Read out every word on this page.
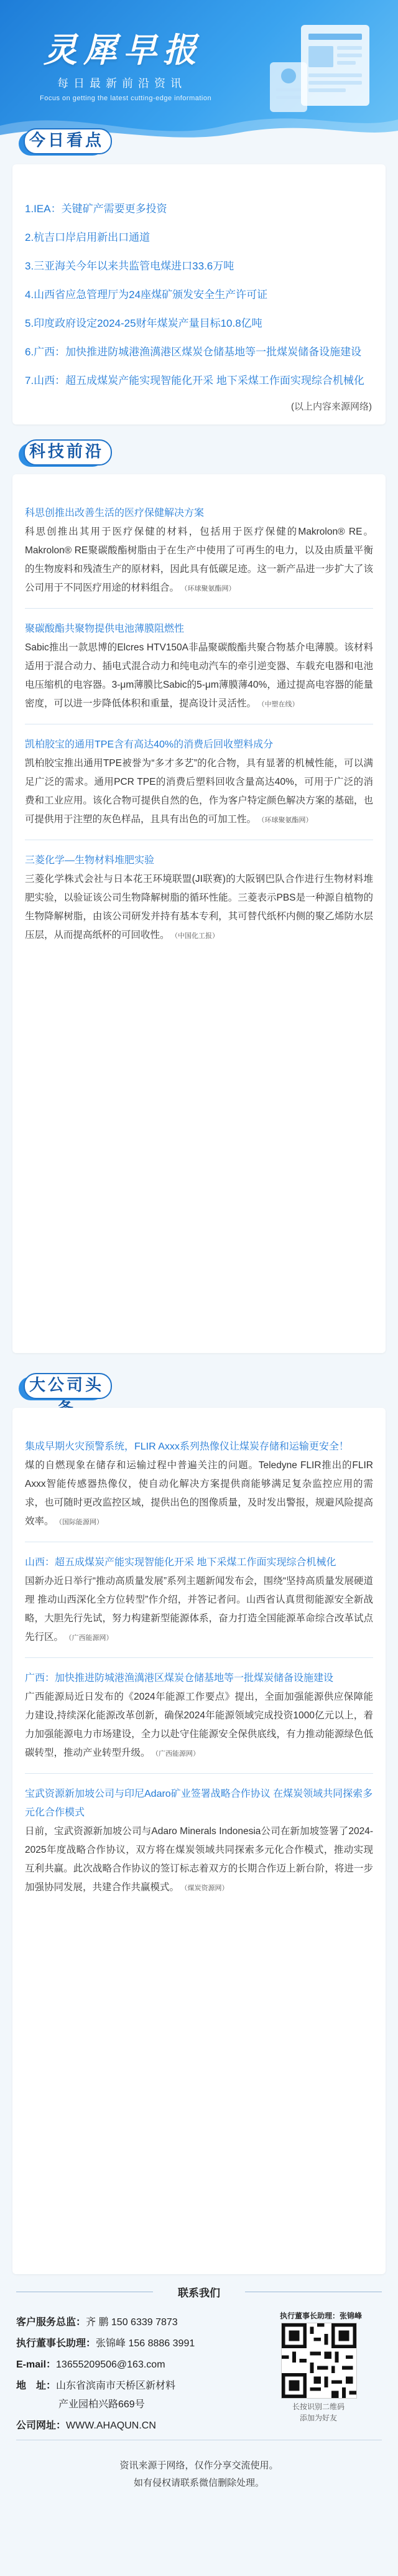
灵犀早报
每日最新前沿资讯
Focus on getting the latest cutting-edge information
今日看点
1.IEA：关键矿产需要更多投资
2.杭吉口岸启用新出口通道
3.三亚海关今年以来共监管电煤进口33.6万吨
4.山西省应急管理厅为24座煤矿颁发安全生产许可证
5.印度政府设定2024-25财年煤炭产量目标10.8亿吨
6.广西：加快推进防城港渔澫港区煤炭仓储基地等一批煤炭储备设施建设
7.山西：超五成煤炭产能实现智能化开采 地下采煤工作面实现综合机械化
(以上内容来源网络)
科技前沿
科思创推出改善生活的医疗保健解决方案
科思创推出其用于医疗保健的材料，包括用于医疗保健的Makrolon® RE。Makrolon® RE聚碳酸酯树脂由于在生产中使用了可再生的电力，以及由质量平衡的生物废料和残渣生产的原材料，因此具有低碳足迹。这一新产品进一步扩大了该公司用于不同医疗用途的材料组合。 （环球聚氨酯网）
聚碳酸酯共聚物提供电池薄膜阻燃性
Sabic推出一款思博的Elcres HTV150A非晶聚碳酸酯共聚合物基介电薄膜。该材料适用于混合动力、插电式混合动力和纯电动汽车的牵引逆变器、车载充电器和电池电压缩机的电容器。3-μm薄膜比Sabic的5-μm薄膜薄40%，通过提高电容器的能量密度，可以进一步降低体积和重量，提高设计灵活性。 （中塑在线）
凯柏胶宝的通用TPE含有高达40%的消费后回收塑料成分
凯柏胶宝推出通用TPE被誉为“多才多艺”的化合物，具有显著的机械性能，可以满足广泛的需求。通用PCR TPE的消费后塑料回收含量高达40%，可用于广泛的消费和工业应用。该化合物可提供自然的色，作为客户特定颜色解决方案的基础，也可提供用于注塑的灰色样品，且具有出色的可加工性。 （环球聚氨酯网）
三菱化学—生物材料堆肥实验
三菱化学株式会社与日本花王环境联盟(JI联赛)的大阪钢巴队合作进行生物材料堆肥实验，以验证该公司生物降解树脂的循环性能。三菱表示PBS是一种源自植物的生物降解树脂，由该公司研发并持有基本专利，其可替代纸杯内侧的聚乙烯防水层压层，从而提高纸杯的可回收性。 （中国化工报）
大公司头
集成早期火灾预警系统，FLIR Axxx系列热像仪让煤炭存储和运输更安全！
煤的自燃现象在储存和运输过程中普遍关注的问题。Teledyne FLIR推出的FLIR Axxx智能传感器热像仪，使自动化解决方案提供商能够满足复杂监控应用的需求，也可随时更改监控区域，提供出色的图像质量，及时发出警报，规避风险提高效率。 （国际能源网）
山西：超五成煤炭产能实现智能化开采 地下采煤工作面实现综合机械化
国新办近日举行“推动高质量发展”系列主题新闻发布会，围绕“坚持高质量发展硬道理 推动山西深化全方位转型”作介绍，并答记者问。山西省认真贯彻能源安全新战略，大胆先行先试，努力构建新型能源体系，奋力打造全国能源革命综合改革试点先行区。 （广西能源网）
广西：加快推进防城港渔澫港区煤炭仓储基地等一批煤炭储备设施建设
广西能源局近日发布的《2024年能源工作要点》提出，全面加强能源供应保障能力建设,持续深化能源改革创新，确保2024年能源领域完成投资1000亿元以上，着力加强能源电力市场建设，全力以赴守住能源安全保供底线，有力推动能源绿色低碳转型，推动产业转型升级。 （广西能源网）
宝武资源新加坡公司与印尼Adaro矿业签署战略合作协议 在煤炭领域共同探索多元化合作模式
日前，宝武资源新加坡公司与Adaro Minerals Indonesia公司在新加坡签署了2024-2025年度战略合作协议，双方将在煤炭领域共同探索多元化合作模式，推动实现互利共赢。此次战略合作协议的签订标志着双方的长期合作迈上新台阶，将进一步加强协同发展，共建合作共赢模式。 （煤炭资源网）
联系我们
客户服务总监：齐 鹏 150 6339 7873
执行董事长助理：张锦峰 156 8886 3991
E-mail：13655209506@163.com
地　址：山东省滨南市天桥区新材料
产业园柏兴路669号
公司网址：WWW.AHAQUN.CN
执行董事长助理：张锦峰
长按识别二维码
添加为好友
资讯来源于网络，仅作分享交流使用。
如有侵权请联系微信删除处理。
